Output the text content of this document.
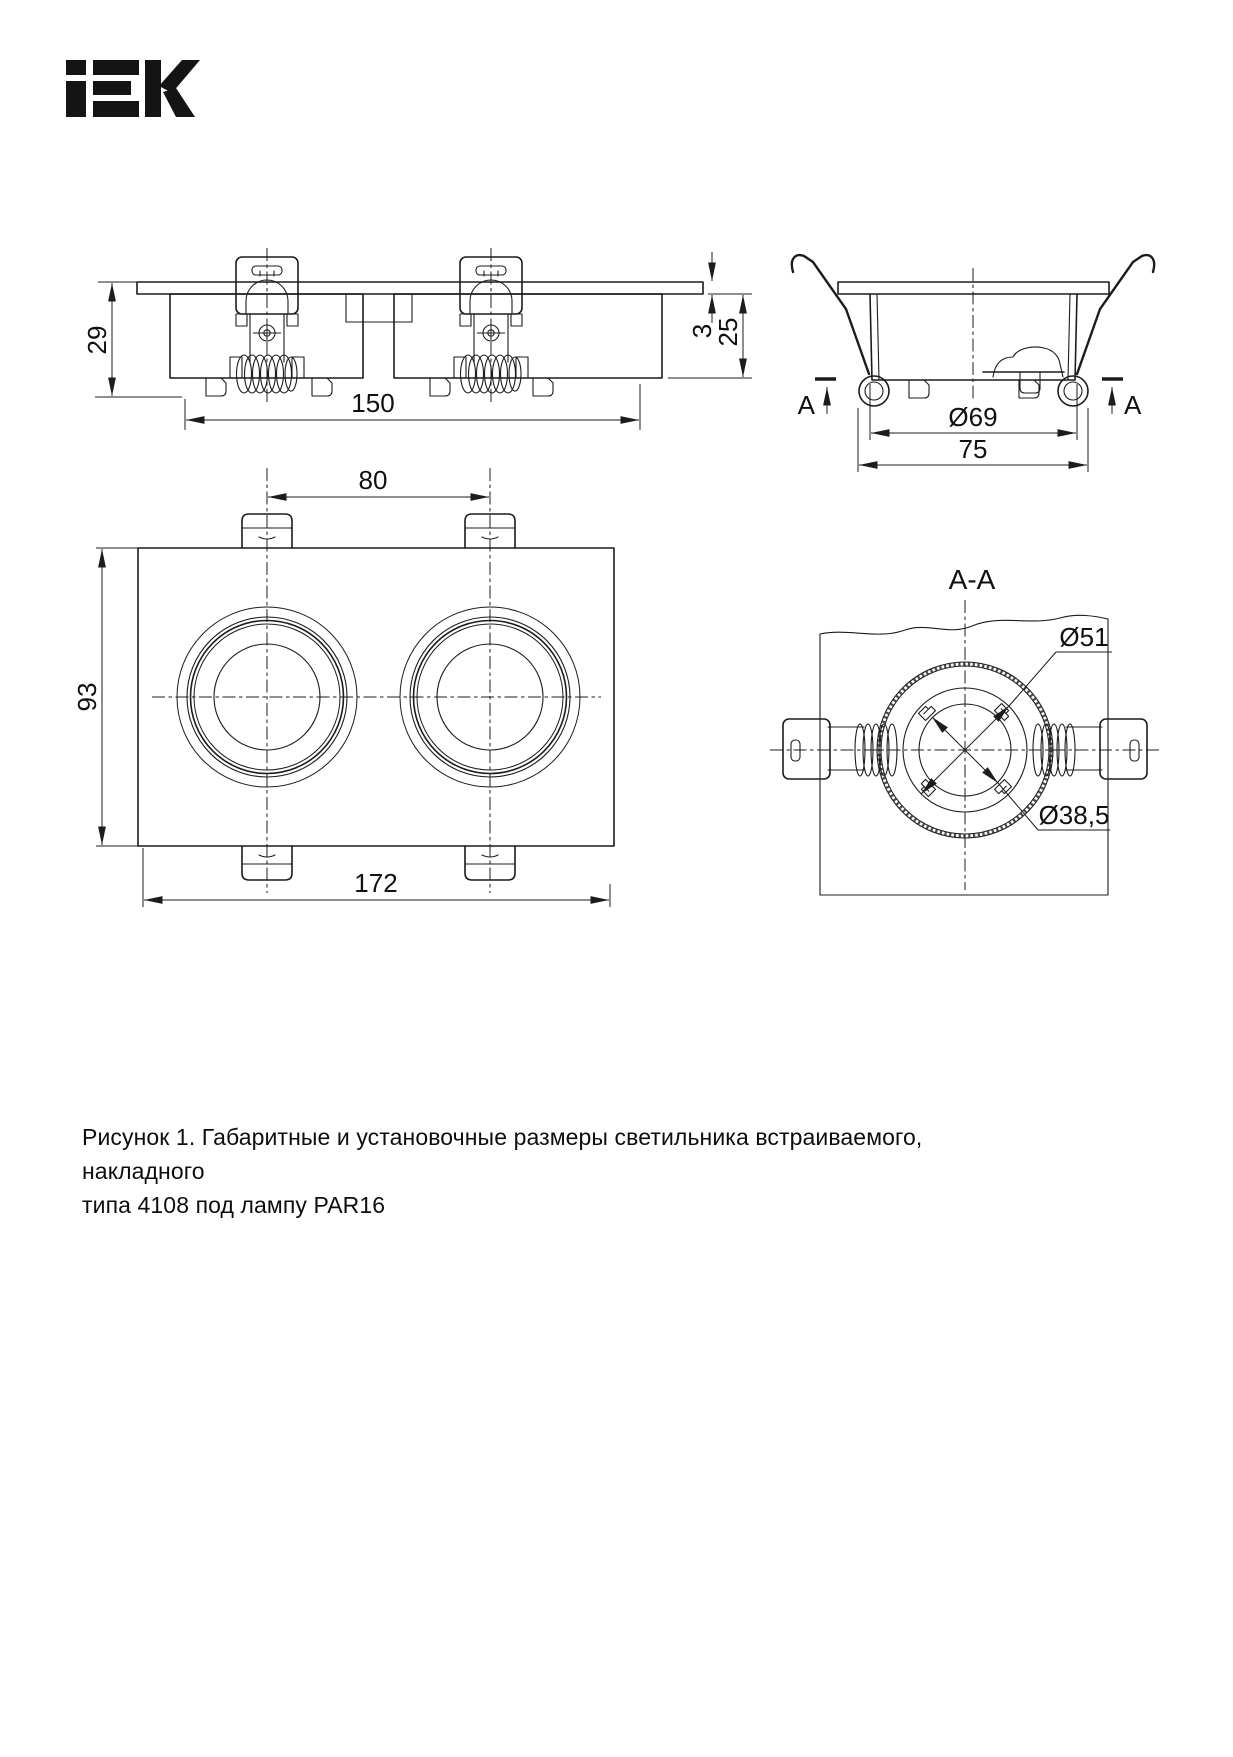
29
150
3
25
A	A
Ø69
75
80
93
172
A-A
Ø51
Ø38,5
Рисунок 1. Габаритные и установочные размеры светильника встраиваемого, накладного
типа 4108 под лампу PAR16
